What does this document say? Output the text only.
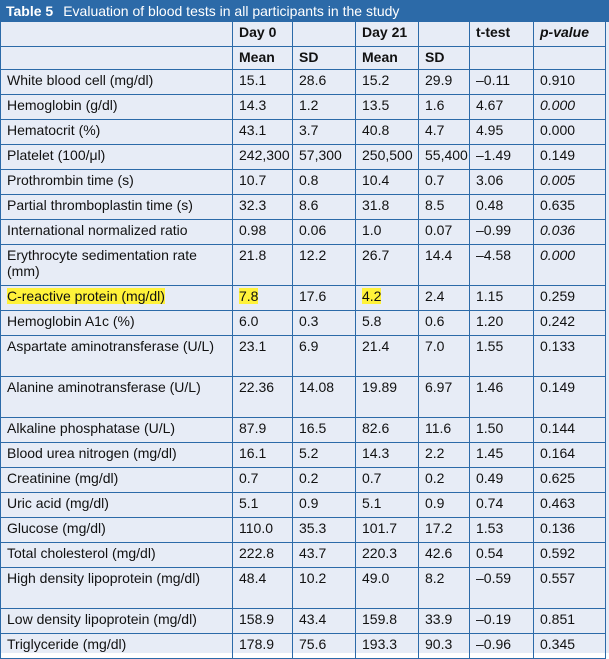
Table 5 Evaluation of blood tests in all participants in the study
	Day 0		Day 21		t-test	p-value
	Mean	SD	Mean	SD		
White blood cell (mg/dl)	15.1	28.6	15.2	29.9	–0.11	0.910
Hemoglobin (g/dl)	14.3	1.2	13.5	1.6	4.67	0.000
Hematocrit (%)	43.1	3.7	40.8	4.7	4.95	0.000
Platelet (100/μl)	242,300	57,300	250,500	55,400	–1.49	0.149
Prothrombin time (s)	10.7	0.8	10.4	0.7	3.06	0.005
Partial thromboplastin time (s)	32.3	8.6	31.8	8.5	0.48	0.635
International normalized ratio	0.98	0.06	1.0	0.07	–0.99	0.036
Erythrocyte sedimentation rate (mm)	21.8	12.2	26.7	14.4	–4.58	0.000
C-reactive protein (mg/dl)	7.8	17.6	4.2	2.4	1.15	0.259
Hemoglobin A1c (%)	6.0	0.3	5.8	0.6	1.20	0.242
Aspartate aminotransferase (U/L)	23.1	6.9	21.4	7.0	1.55	0.133
Alanine aminotransferase (U/L)	22.36	14.08	19.89	6.97	1.46	0.149
Alkaline phosphatase (U/L)	87.9	16.5	82.6	11.6	1.50	0.144
Blood urea nitrogen (mg/dl)	16.1	5.2	14.3	2.2	1.45	0.164
Creatinine (mg/dl)	0.7	0.2	0.7	0.2	0.49	0.625
Uric acid (mg/dl)	5.1	0.9	5.1	0.9	0.74	0.463
Glucose (mg/dl)	110.0	35.3	101.7	17.2	1.53	0.136
Total cholesterol (mg/dl)	222.8	43.7	220.3	42.6	0.54	0.592
High density lipoprotein (mg/dl)	48.4	10.2	49.0	8.2	–0.59	0.557
Low density lipoprotein (mg/dl)	158.9	43.4	159.8	33.9	–0.19	0.851
Triglyceride (mg/dl)	178.9	75.6	193.3	90.3	–0.96	0.345
